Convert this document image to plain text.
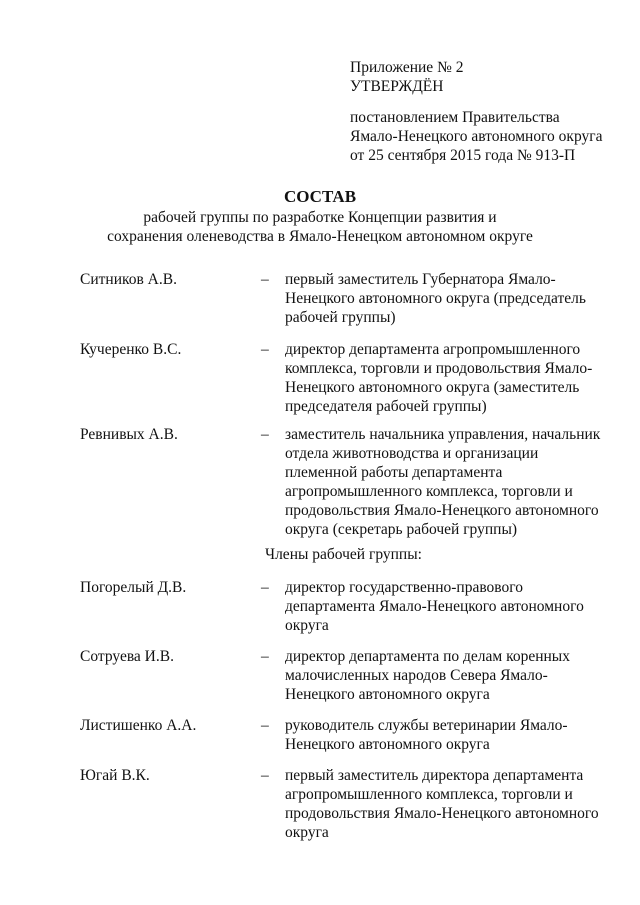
Приложение № 2
УТВЕРЖДЁН
постановлением Правительства
Ямало-Ненецкого автономного округа
от 25 сентября 2015 года № 913-П
СОСТАВ
рабочей группы по разработке Концепции развития и
сохранения оленеводства в Ямало-Ненецком автономном округе
Ситников А.В.	– первый заместитель Губернатора Ямало-
Ненецкого автономного округа (председатель
рабочей группы)
Кучеренко В.С.	– директор департамента агропромышленного
комплекса, торговли и продовольствия Ямало-
Ненецкого автономного округа (заместитель
председателя рабочей группы)
Ревнивых А.В.	– заместитель начальника управления, начальник
отдела животноводства и организации
племенной работы департамента
агропромышленного комплекса, торговли и
продовольствия Ямало-Ненецкого автономного
округа (секретарь рабочей группы)
Члены рабочей группы:
Погорелый Д.В.	– директор государственно-правового
департамента Ямало-Ненецкого автономного
округа
Сотруева И.В.	– директор департамента по делам коренных
малочисленных народов Севера Ямало-
Ненецкого автономного округа
Листишенко А.А.	– руководитель службы ветеринарии Ямало-
Ненецкого автономного округа
Югай В.К.	– первый заместитель директора департамента
агропромышленного комплекса, торговли и
продовольствия Ямало-Ненецкого автономного
округа
